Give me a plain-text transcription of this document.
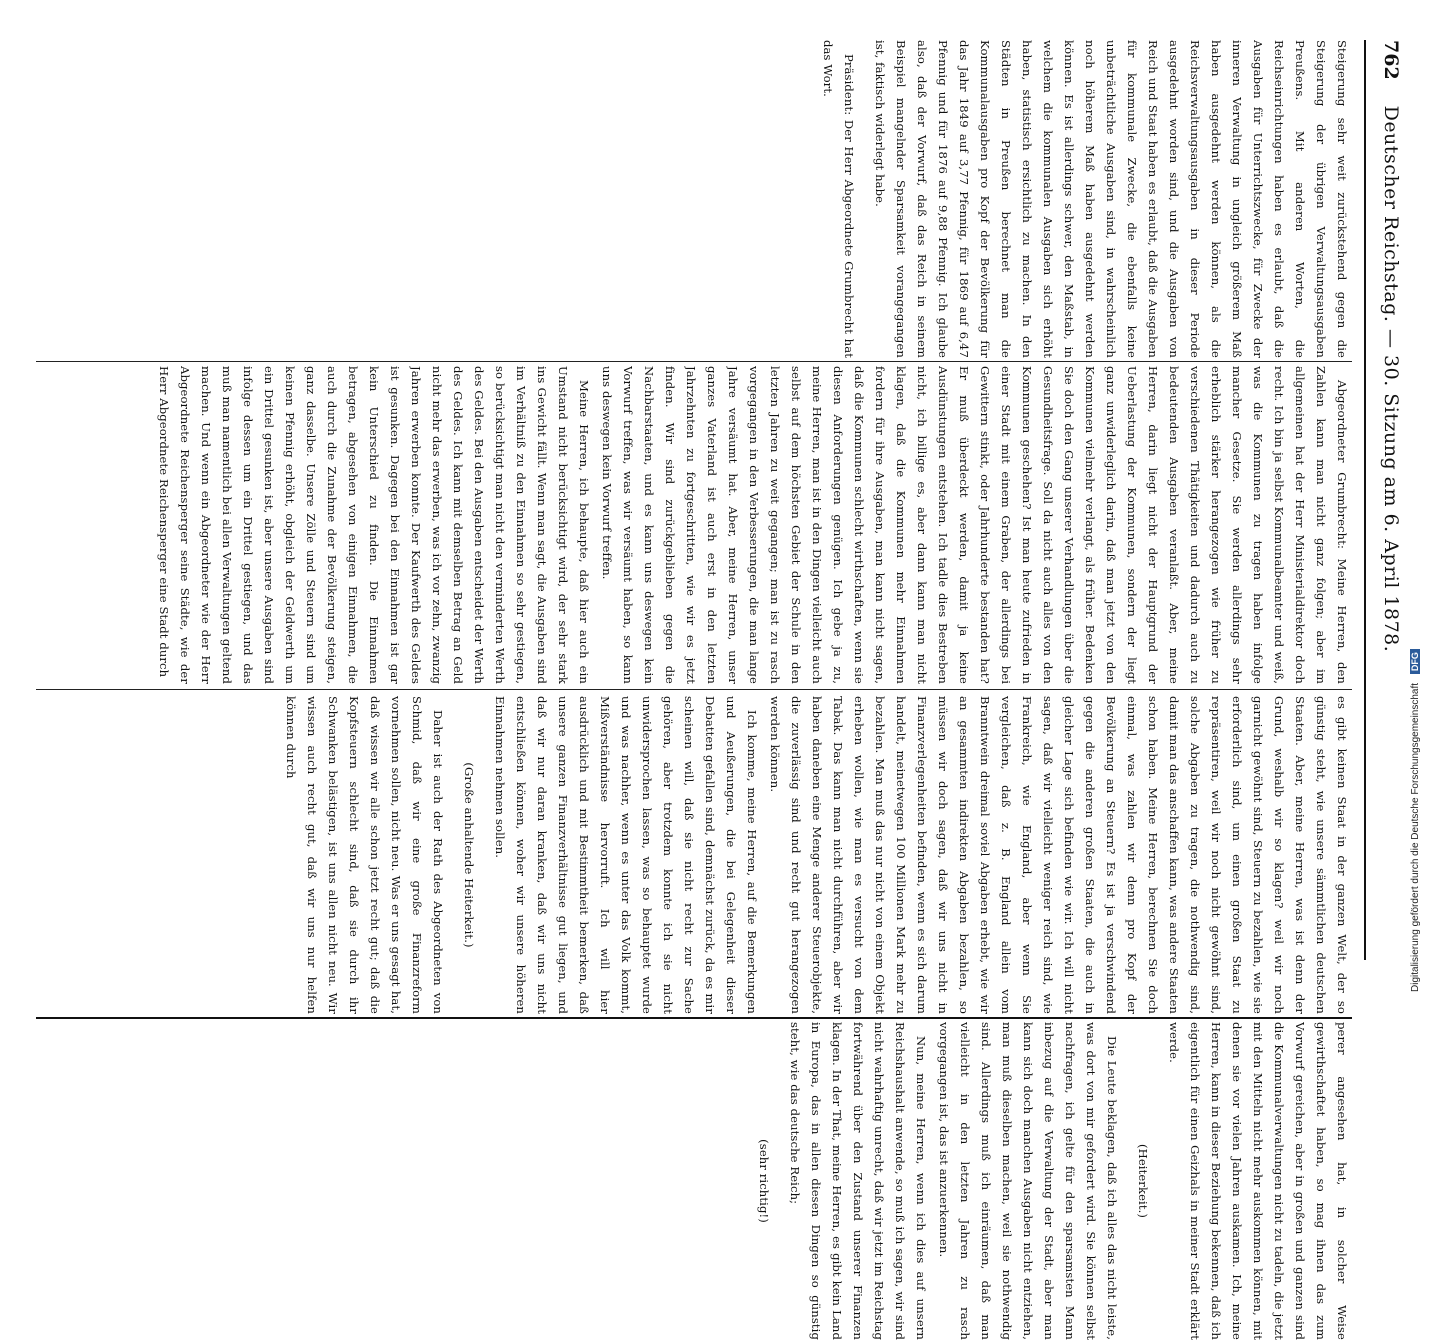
762
Deutscher Reichstag. — 30. Sitzung am 6. April 1878.

Steigerung sehr weit zurückstehend gegen die Steigerung der übrigen Verwaltungsausgaben Preußens. Mit anderen Worten, die Reichseinrichtungen haben es erlaubt, daß die Ausgaben für Unterrichtszwecke, für Zwecke der inneren Verwaltung in ungleich größerem Maß haben ausgedehnt werden können, als die Reichsverwaltungsausgaben in dieser Periode ausgedehnt worden sind, und die Ausgaben von Reich und Staat haben es erlaubt, daß die Ausgaben für kommunale Zwecke, die ebenfalls keine unbeträchtliche Ausgaben sind, in wahrscheinlich noch höherem Maß haben ausgedehnt werden können. Es ist allerdings schwer, den Maßstab, in welchem die kommunalen Ausgaben sich erhöht haben, statistisch ersichtlich zu machen. In den Städten in Preußen berechnet man die Kommunalausgaben pro Kopf der Bevölkerung für das Jahr 1849 auf 3,77 Pfennig, für 1869 auf 6,47 Pfennig und für 1876 auf 9,88 Pfennig. Ich glaube also, daß der Vorwurf, daß das Reich in seinem Beispiel mangelnder Sparsamkeit vorangegangen ist, faktisch widerlegt habe.

Präsident: Der Herr Abgeordnete Grumbrecht hat das Wort.

Abgeordneter Grumbrecht: Meine Herren, den Zahlen kann man nicht ganz folgen; aber im allgemeinen hat der Herr Ministerialdirektor doch recht. Ich bin ja selbst Kommunalbeamter und weiß, was die Kommunen zu tragen haben infolge mancher Gesetze. Sie werden allerdings sehr erheblich stärker herangezogen wie früher zu verschiedenen Thätigkeiten und dadurch auch zu bedeutenden Ausgaben veranlaßt. Aber, meine Herren, darin liegt nicht der Hauptgrund der Ueberlastung der Kommunen, sondern der liegt ganz unwiderleglich darin, daß man jetzt von den Kommunen vielmehr verlangt, als früher. Bedenken Sie doch den Gang unserer Verhandlungen über die Gesundheitsfrage. Soll da nicht auch alles von den Kommunen geschehen? Ist man heute zufrieden in einer Stadt mit einem Graben, der allerdings bei Gewittern stinkt, oder Jahrhunderte bestanden hat? Er muß überdeckt werden, damit ja keine Ausdünstungen entstehen. Ich tadle dies Bestreben nicht, ich billige es, aber dann kann man nicht klagen, daß die Kommunen mehr Einnahmen fordern für ihre Ausgaben, man kann nicht sagen, daß die Kommunen schlecht wirthschaften, wenn sie diesen Anforderungen genügen. Ich gebe ja zu, meine Herren, man ist in den Dingen vielleicht auch selbst auf dem höchsten Gebiet der Schule in den letzten Jahren zu weit gegangen; man ist zu rasch vorgegangen in den Verbesserungen, die man lange Jahre versäumt hat. Aber, meine Herren, unser ganzes Vaterland ist auch erst in den letzten Jahrzehnten zu fortgeschritten, wie wir es jetzt finden. Wir sind zurückgeblieben gegen die Nachbarstaaten, und es kann uns deswegen kein Vorwurf treffen, was wir versäumt haben, so kann uns deswegen kein Vorwurf treffen.

Meine Herren, ich behaupte, daß hier auch ein Umstand nicht berücksichtigt wird, der sehr stark ins Gewicht fällt. Wenn man sagt, die Ausgaben sind im Verhältniß zu den Einnahmen so sehr gestiegen, so berücksichtigt man nicht den verminderten Werth des Geldes. Bei den Ausgaben entscheidet der Werth des Geldes. Ich kann mit demselben Betrag an Geld nicht mehr das erwerben, was ich vor zehn, zwanzig Jahren erwerben konnte. Der Kaufwerth des Geldes ist gesunken. Dagegen bei den Einnahmen ist gar kein Unterschied zu finden. Die Einnahmen betragen, abgesehen von einigen Einnahmen, die auch durch die Zunahme der Bevölkerung steigen, ganz dasselbe. Unsere Zölle und Steuern sind um keinen Pfennig erhöht, obgleich der Geldwerth um ein Drittel gesunken ist, aber unsere Ausgaben sind infolge dessen um ein Drittel gestiegen, und das muß man namentlich bei allen Verwaltungen geltend machen. Und wenn ein Abgeordneter wie der Herr Abgeordnete Reichensperger seine Städte, wie der Herr Abgeordnete Reichensperger eine Stadt durch

es gibt keinen Staat in der ganzen Welt, der so günstig steht, wie unsere sämmtlichen deutschen Staaten. Aber, meine Herren, was ist denn der Grund, weshalb wir so klagen? weil wir noch garnicht gewöhnt sind, Steuern zu bezahlen, wie sie erforderlich sind, um einen großen Staat zu repräsentiren, weil wir noch nicht gewöhnt sind, solche Abgaben zu tragen, die nothwendig sind, damit man das anschaffen kann, was andere Staaten schon haben. Meine Herren, berechnen Sie doch einmal, was zahlen wir denn pro Kopf der Bevölkerung an Steuern? Es ist ja verschwindend gegen die anderen großen Staaten, die auch in gleicher Lage sich befinden wie wir. Ich will nicht sagen, daß wir vielleicht weniger reich sind, wie Frankreich, wie England, aber wenn Sie vergleichen, daß z. B. England allein vom Branntwein dreimal soviel Abgaben erhebt, wie wir an gesammten indirekten Abgaben bezahlen, so müssen wir doch sagen, daß wir uns nicht in Finanzverlegenheiten befinden, wenn es sich darum handelt, meinetwegen 100 Millionen Mark mehr zu bezahlen. Man muß das nur nicht von einem Objekt erheben wollen, wie man es versucht von dem Tabak. Das kann man nicht durchführen, aber wir haben daneben eine Menge anderer Steuerobjekte, die zuverlässig sind und recht gut herangezogen werden können.

Ich komme, meine Herren, auf die Bemerkungen und Aeußerungen, die bei Gelegenheit dieser Debatten gefallen sind, demnächst zurück, da es mir scheinen will, daß sie nicht recht zur Sache gehören, aber trotzdem konnte ich sie nicht unwidersprochen lassen, was so behauptet wurde und was nachher, wenn es unter das Volk kommt, Mißverständnisse hervorruft. Ich will hier ausdrücklich und mit Bestimmtheit bemerken, daß unsere ganzen Finanzverhältnisse gut liegen, und daß wir nur daran kranken, daß wir uns nicht entschließen können, woher wir unsere höheren Einnahmen nehmen sollen.

(Große anhaltende Heiterkeit.)

Daher ist auch der Rath des Abgeordneten von Schmid, daß wir eine große Finanzreform vornehmen sollen, nicht neu. Was er uns gesagt hat, daß wissen wir alle schon jetzt recht gut; daß die Kopfsteuern schlecht sind, daß sie durch ihr Schwanken belästigen, ist uns allen nicht neu. Wir wissen auch recht gut, daß wir uns nur helfen können durch

perer angesehen hat, in solcher Weise gewirthschaftet haben, so mag ihnen das zum Vorwurf gereichen, aber in großen und ganzen sind die Kommunalverwaltungen nicht zu tadeln, die jetzt mit den Mitteln nicht mehr auskommen können, mit denen sie vor vielen Jahren auskamen. Ich, meine Herren, kann in dieser Beziehung bekennen, daß ich eigentlich für einen Geizhals in meiner Stadt erklärt werde.

(Heiterkeit.)

Die Leute beklagen, daß ich alles das nicht leiste, was dort von mir gefordert wird. Sie können selbst nachfragen, ich gelte für den sparsamsten Mann inbezug auf die Verwaltung der Stadt, aber man kann sich doch manchen Ausgaben nicht entziehen, man muß dieselben machen, weil sie nothwendig sind. Allerdings muß ich einräumen, daß man vielleicht in den letzten Jahren zu rasch vorgegangen ist, das ist anzuerkennen.

Nun, meine Herren, wenn ich dies auf unsern Reichshaushalt anwende, so muß ich sagen, wir sind nicht wahrhaftig unrecht, daß wir jetzt im Reichstag fortwährend über den Zustand unserer Finanzen klagen. In der That, meine Herren, es gibt kein Land in Europa, das in allen diesen Dingen so günstig steht, wie das deutsche Reich;

(sehr richtig!)

Digitalisierung gefördert durch die Deutsche Forschungsgemeinschaft DFG
